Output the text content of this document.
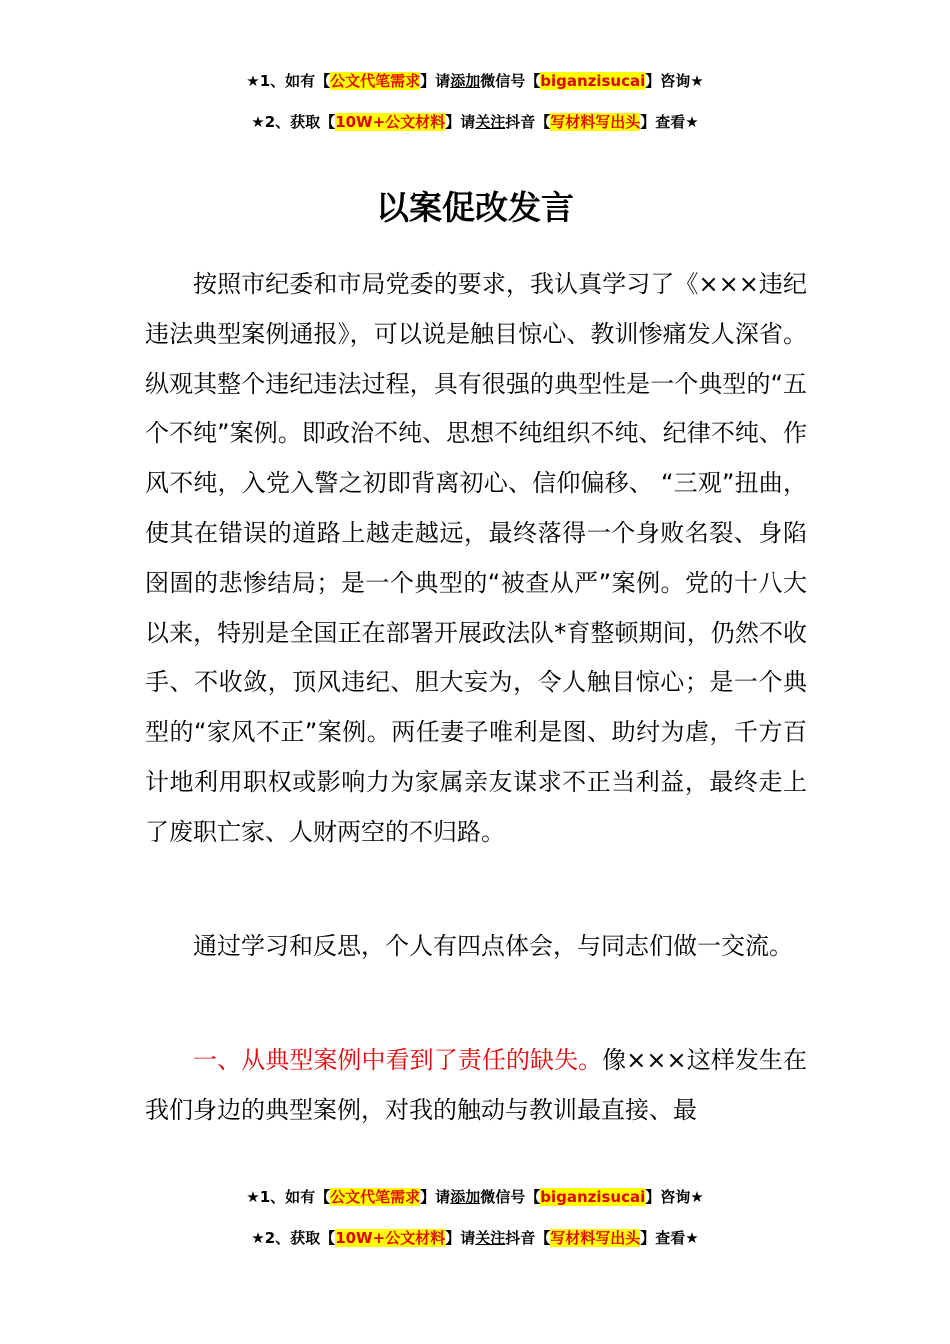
★1、如有【公文代笔需求】请添加微信号【biganzisucai】咨询★
★2、获取【10W+公文材料】请关注抖音【写材料写出头】查看★
以案促改发言

按照市纪委和市局党委的要求，我认真学习了《×××违纪违法典型案例通报》，可以说是触目惊心、教训惨痛发人深省。纵观其整个违纪违法过程，具有很强的典型性是一个典型的“五个不纯”案例。即政治不纯、思想不纯组织不纯、纪律不纯、作风不纯，入党入警之初即背离初心、信仰偏移、 “三观”扭曲，使其在错误的道路上越走越远，最终落得一个身败名裂、身陷囹圄的悲惨结局；是一个典型的“被查从严”案例。党的十八大以来，特别是全国正在部署开展政法队*育整顿期间，仍然不收手、不收敛，顶风违纪、胆大妄为，令人触目惊心；是一个典型的“家风不正”案例。两任妻子唯利是图、助纣为虐，千方百计地利用职权或影响力为家属亲友谋求不正当利益，最终走上了废职亡家、人财两空的不归路。

通过学习和反思，个人有四点体会，与同志们做一交流。

一、从典型案例中看到了责任的缺失。像×××这样发生在我们身边的典型案例，对我的触动与教训最直接、最

★1、如有【公文代笔需求】请添加微信号【biganzisucai】咨询★
★2、获取【10W+公文材料】请关注抖音【写材料写出头】查看★
